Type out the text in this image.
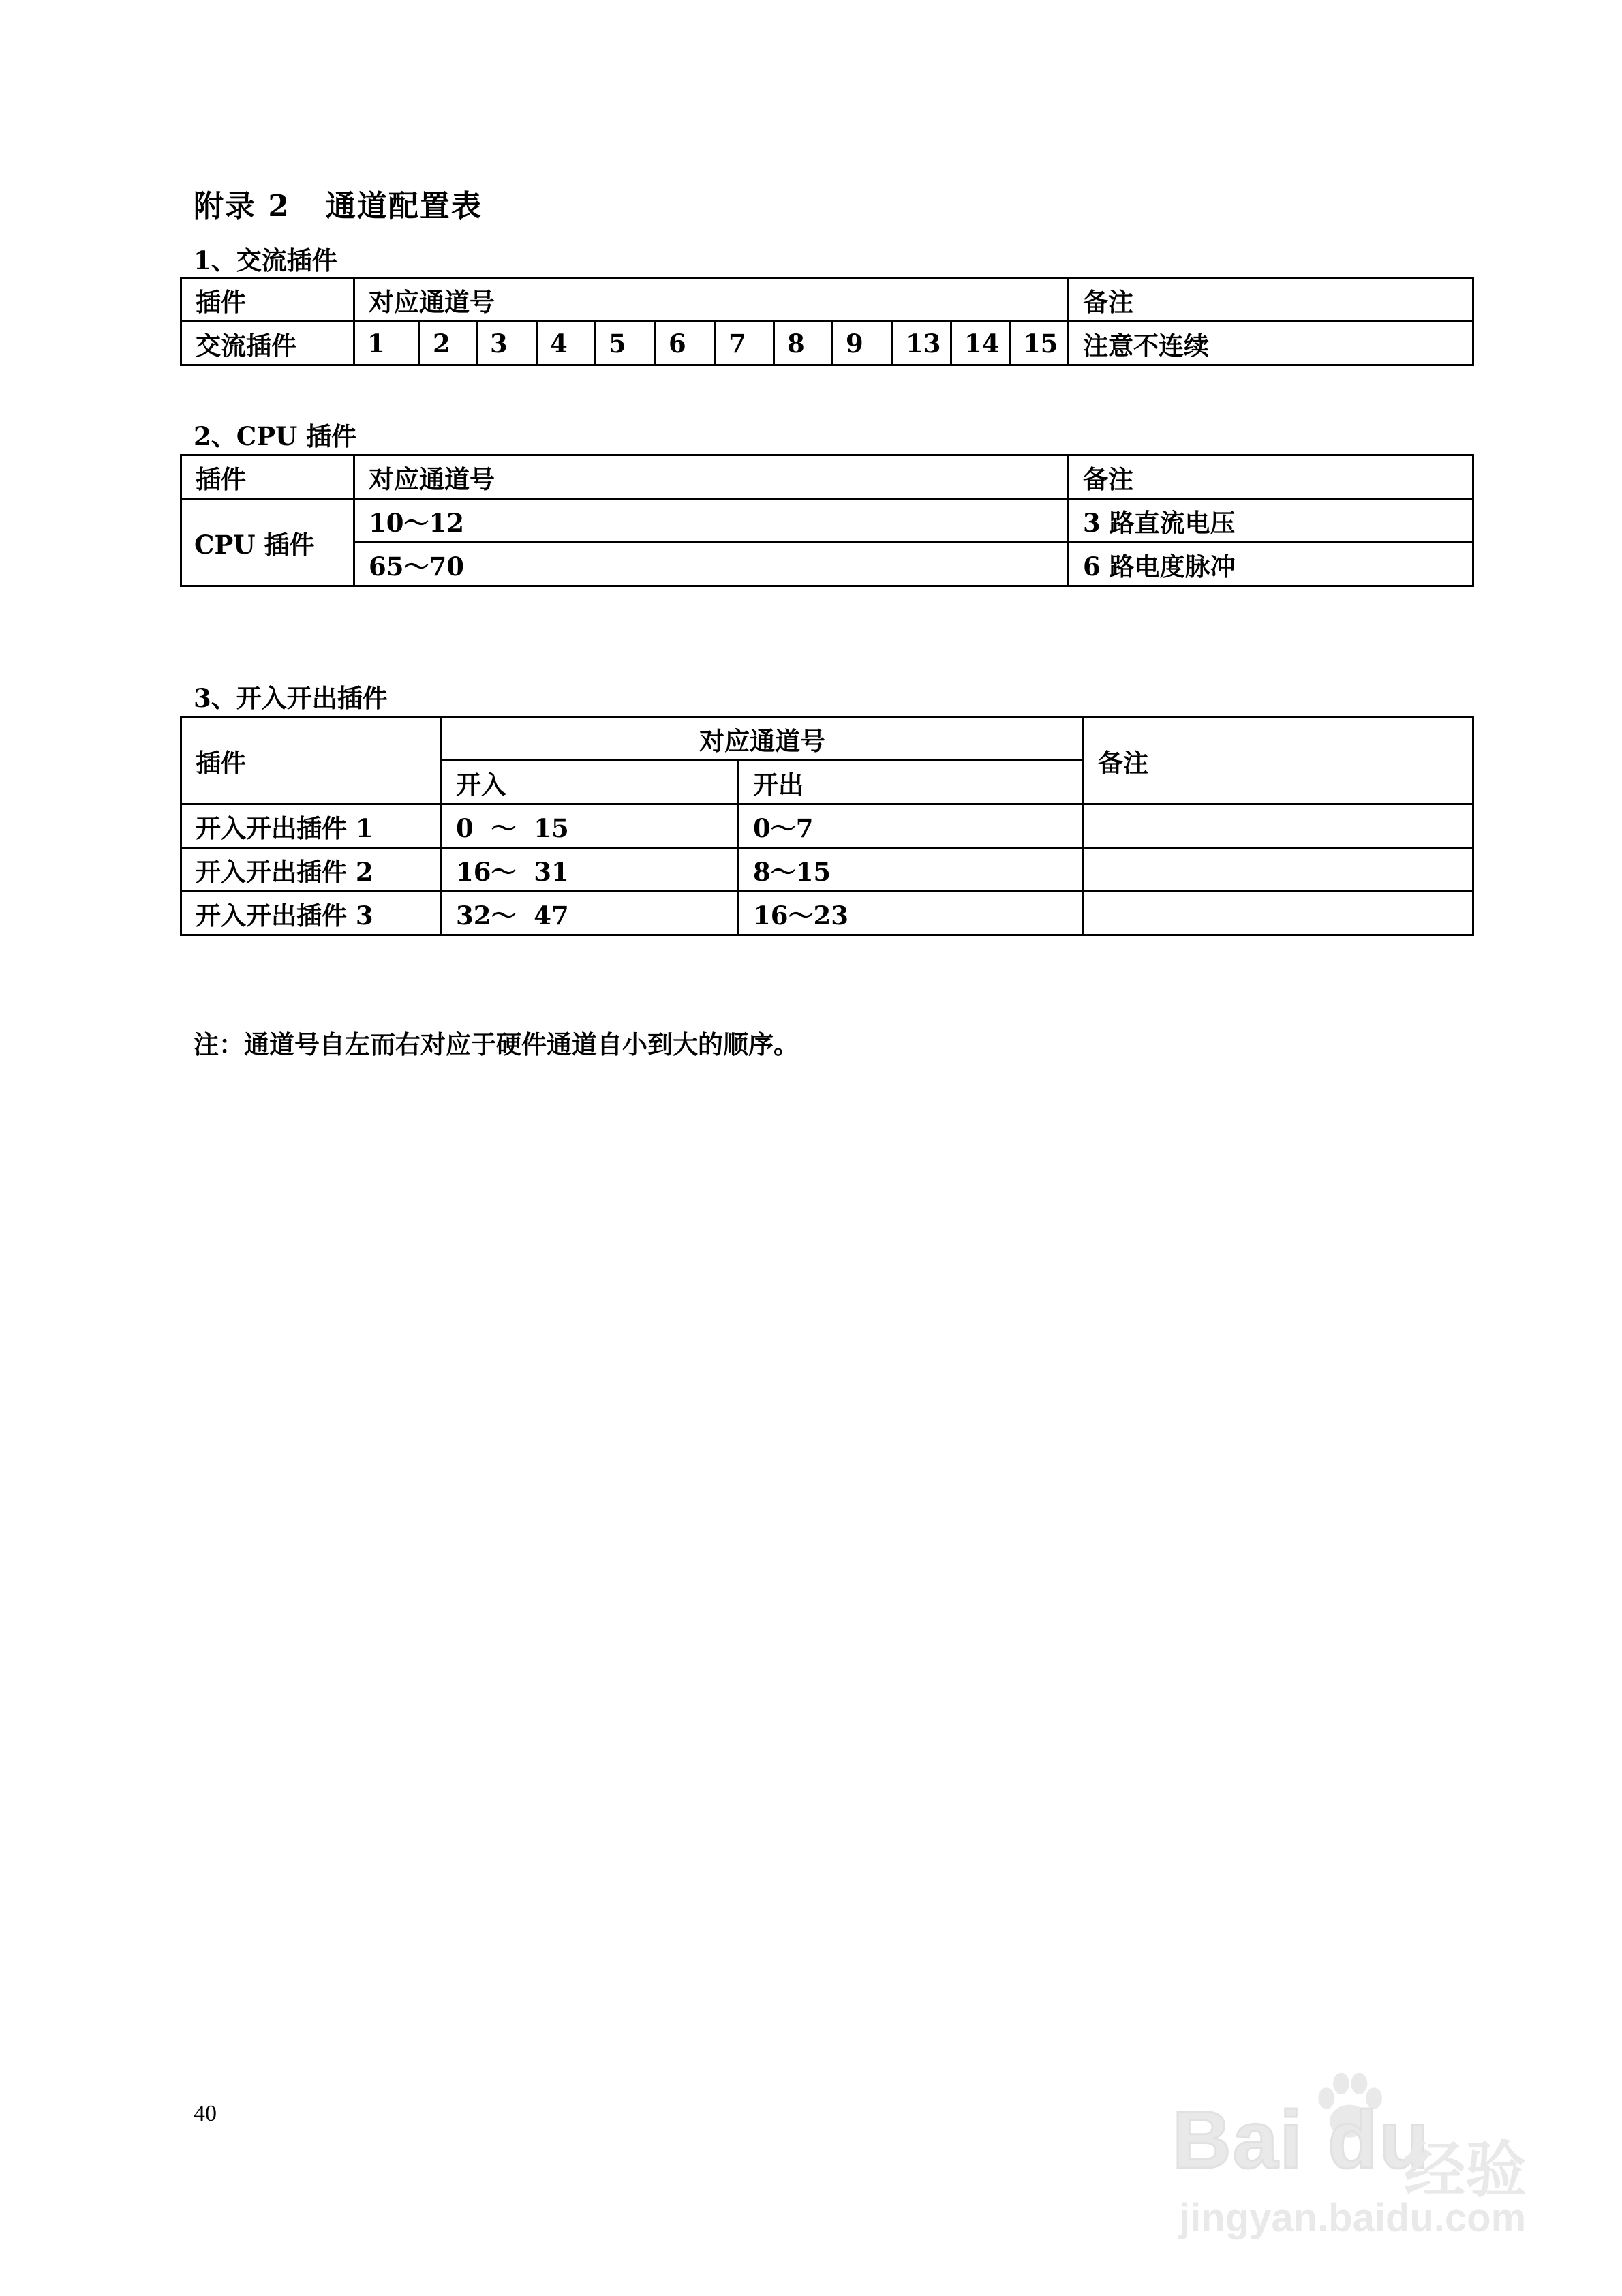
附录 2   通道配置表
1、交流插件
插件	对应通道号												备注
交流插件	1	2	3	4	5	6	7	8	9	13	14	15	注意不连续
2、CPU 插件
插件	对应通道号	备注
CPU 插件	10～12	3 路直流电压
	65～70	6 路电度脉冲
3、开入开出插件
插件	对应通道号		备注
	开入	开出	
开入开出插件 1	0  ～  15	0～7	
开入开出插件 2	16～  31	8～15	
开入开出插件 3	32～  47	16～23	
注：通道号自左而右对应于硬件通道自小到大的顺序。
40	Bai du
经验
jingyan.baidu.com
